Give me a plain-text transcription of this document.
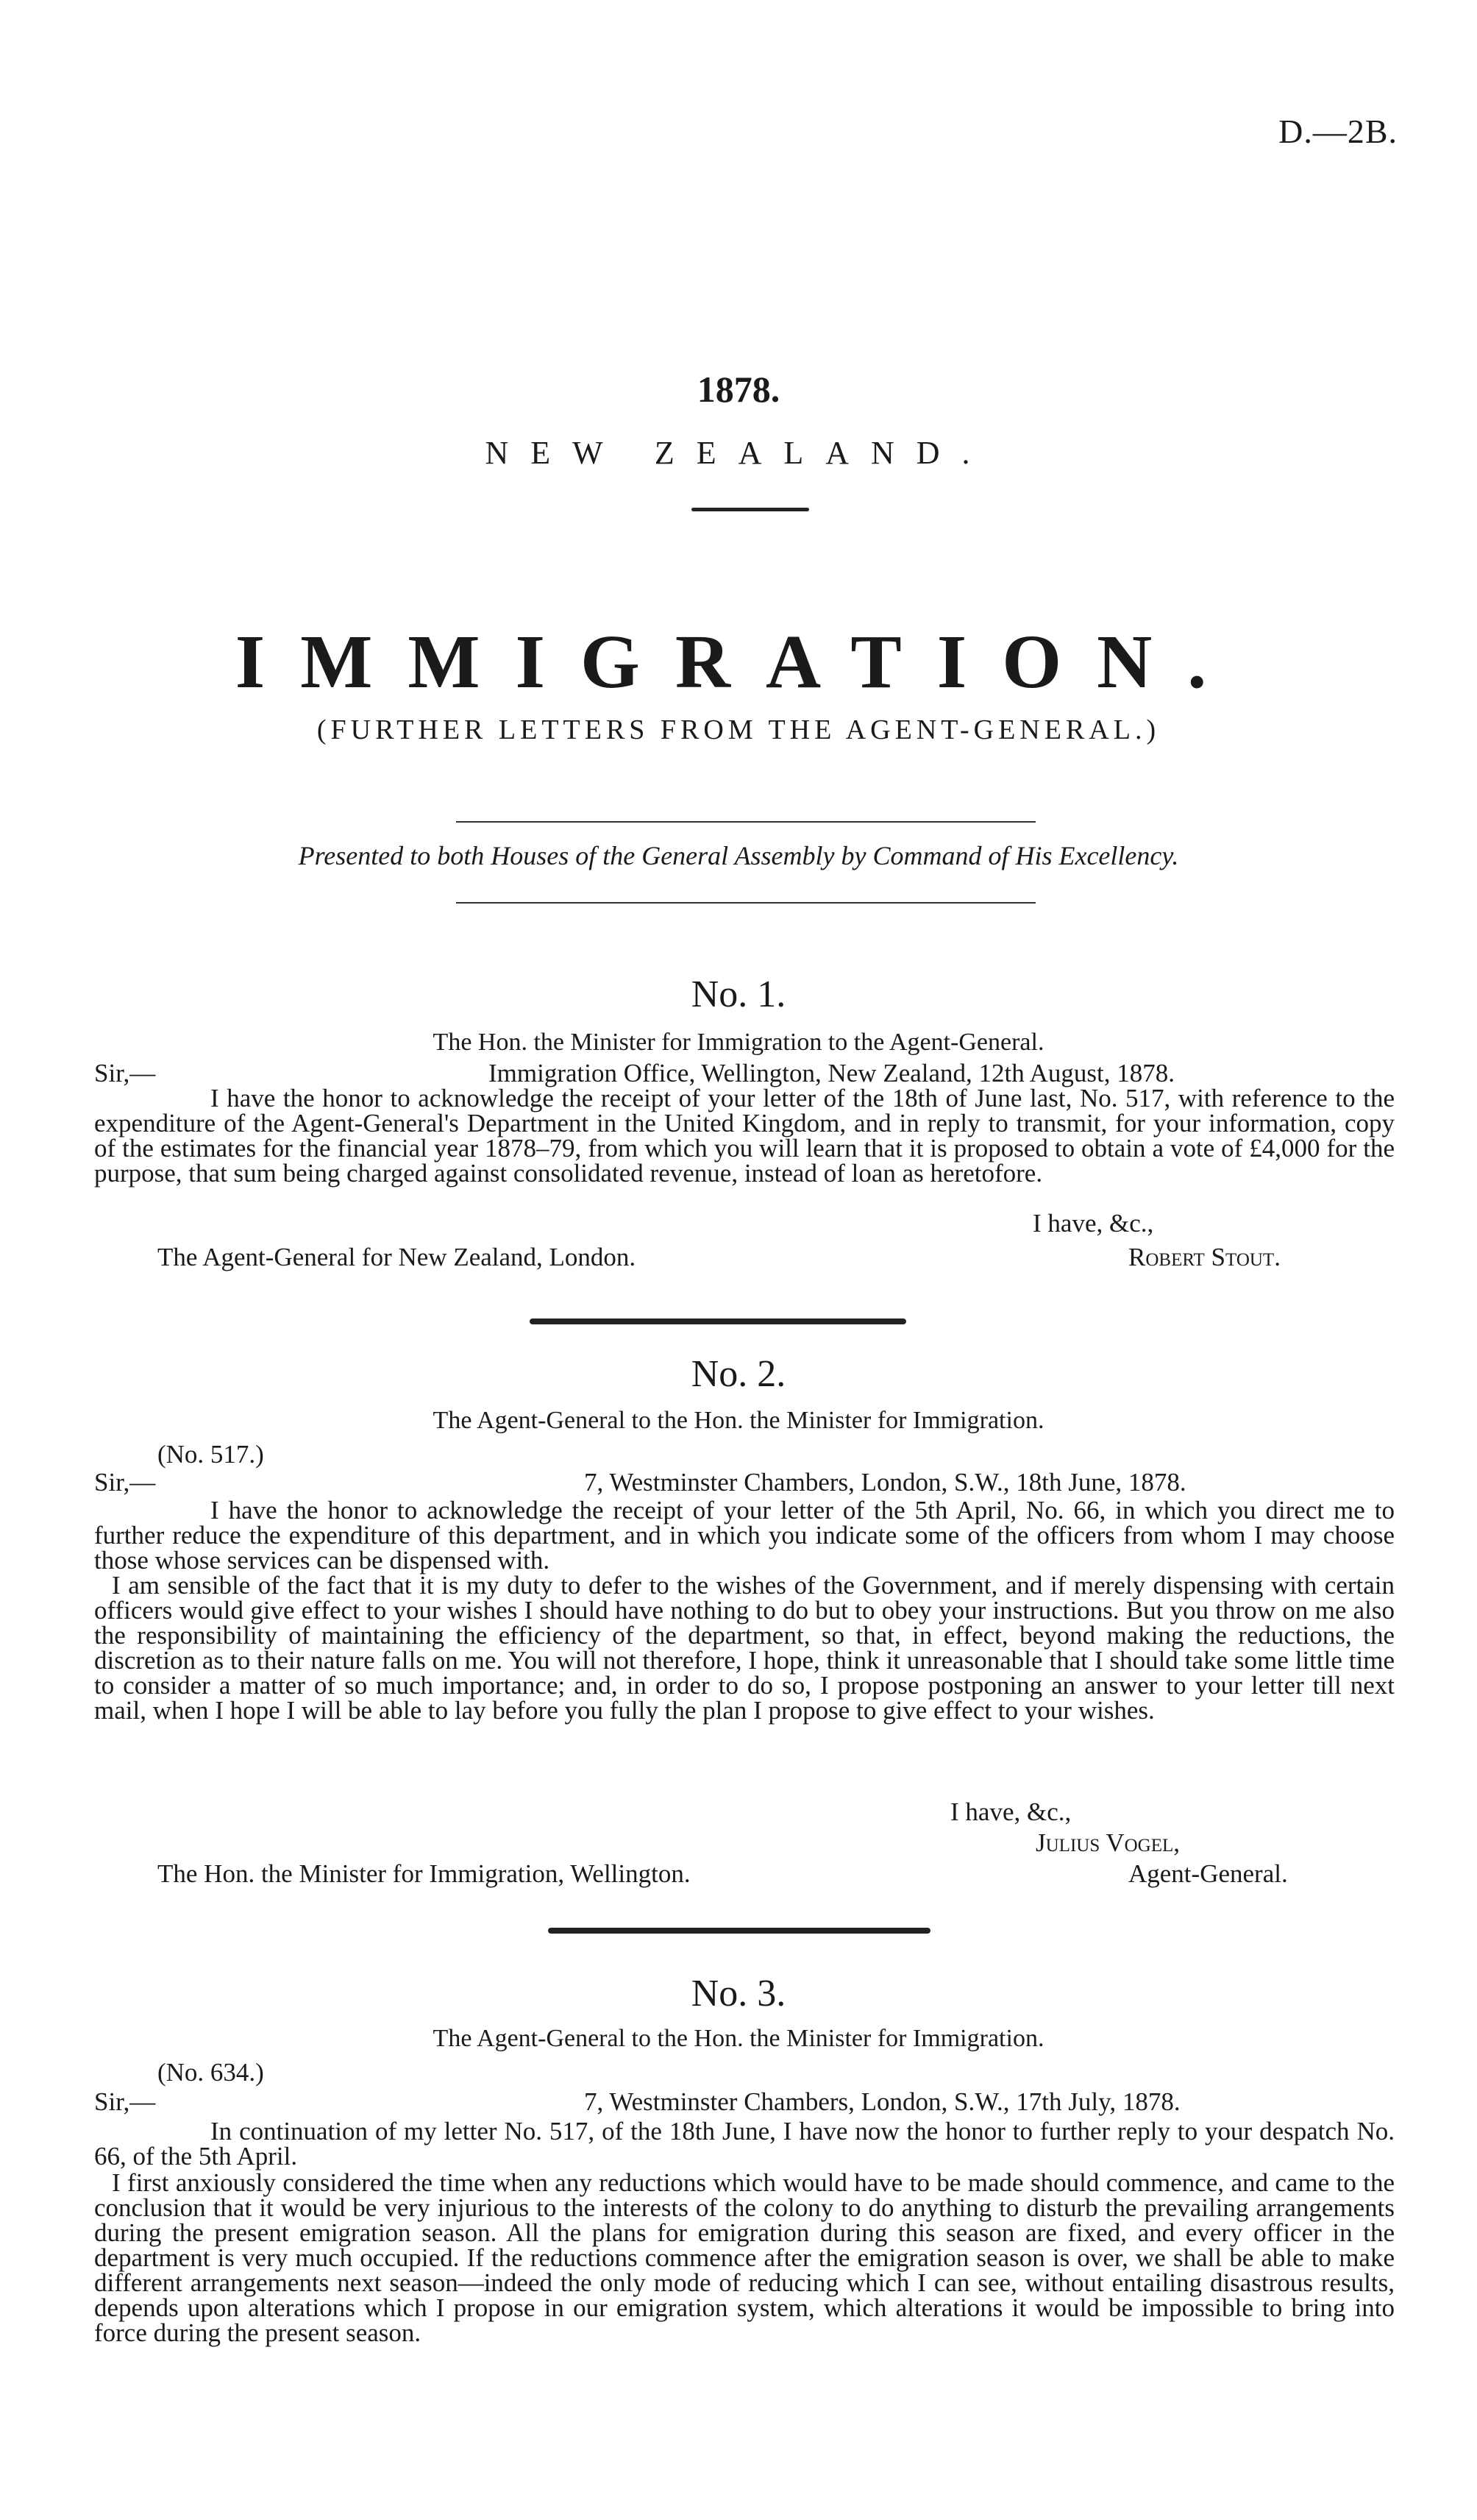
D.—2B.
1878.
NEW ZEALAND.
IMMIGRATION.
(FURTHER LETTERS FROM THE AGENT-GENERAL.)
Presented to both Houses of the General Assembly by Command of His Excellency.
No. 1.
The Hon. the Minister for Immigration to the Agent-General.
Sir,—	Immigration Office, Wellington, New Zealand, 12th August, 1878.
I have the honor to acknowledge the receipt of your letter of the 18th of June last, No. 517, with reference to the expenditure of the Agent-General's Department in the United Kingdom, and in reply to transmit, for your information, copy of the estimates for the financial year 1878–79, from which you will learn that it is proposed to obtain a vote of £4,000 for the purpose, that sum being charged against consolidated revenue, instead of loan as heretofore.
I have, &c.,
The Agent-General for New Zealand, London.	Robert Stout.
No. 2.
The Agent-General to the Hon. the Minister for Immigration.
(No. 517.)
Sir,—	7, Westminster Chambers, London, S.W., 18th June, 1878.
I have the honor to acknowledge the receipt of your letter of the 5th April, No. 66, in which you direct me to further reduce the expenditure of this department, and in which you indicate some of the officers from whom I may choose those whose services can be dispensed with.
I am sensible of the fact that it is my duty to defer to the wishes of the Government, and if merely dispensing with certain officers would give effect to your wishes I should have nothing to do but to obey your instructions. But you throw on me also the responsibility of maintaining the efficiency of the department, so that, in effect, beyond making the reductions, the discretion as to their nature falls on me. You will not therefore, I hope, think it unreasonable that I should take some little time to consider a matter of so much importance; and, in order to do so, I propose postponing an answer to your letter till next mail, when I hope I will be able to lay before you fully the plan I propose to give effect to your wishes.
I have, &c.,
Julius Vogel,
The Hon. the Minister for Immigration, Wellington.	Agent-General.
No. 3.
The Agent-General to the Hon. the Minister for Immigration.
(No. 634.)
Sir,—	7, Westminster Chambers, London, S.W., 17th July, 1878.
In continuation of my letter No. 517, of the 18th June, I have now the honor to further reply to your despatch No. 66, of the 5th April.
I first anxiously considered the time when any reductions which would have to be made should commence, and came to the conclusion that it would be very injurious to the interests of the colony to do anything to disturb the prevailing arrangements during the present emigration season. All the plans for emigration during this season are fixed, and every officer in the department is very much occupied. If the reductions commence after the emigration season is over, we shall be able to make different arrangements next season—indeed the only mode of reducing which I can see, without entailing disastrous results, depends upon alterations which I propose in our emigration system, which alterations it would be impossible to bring into force during the present season.
